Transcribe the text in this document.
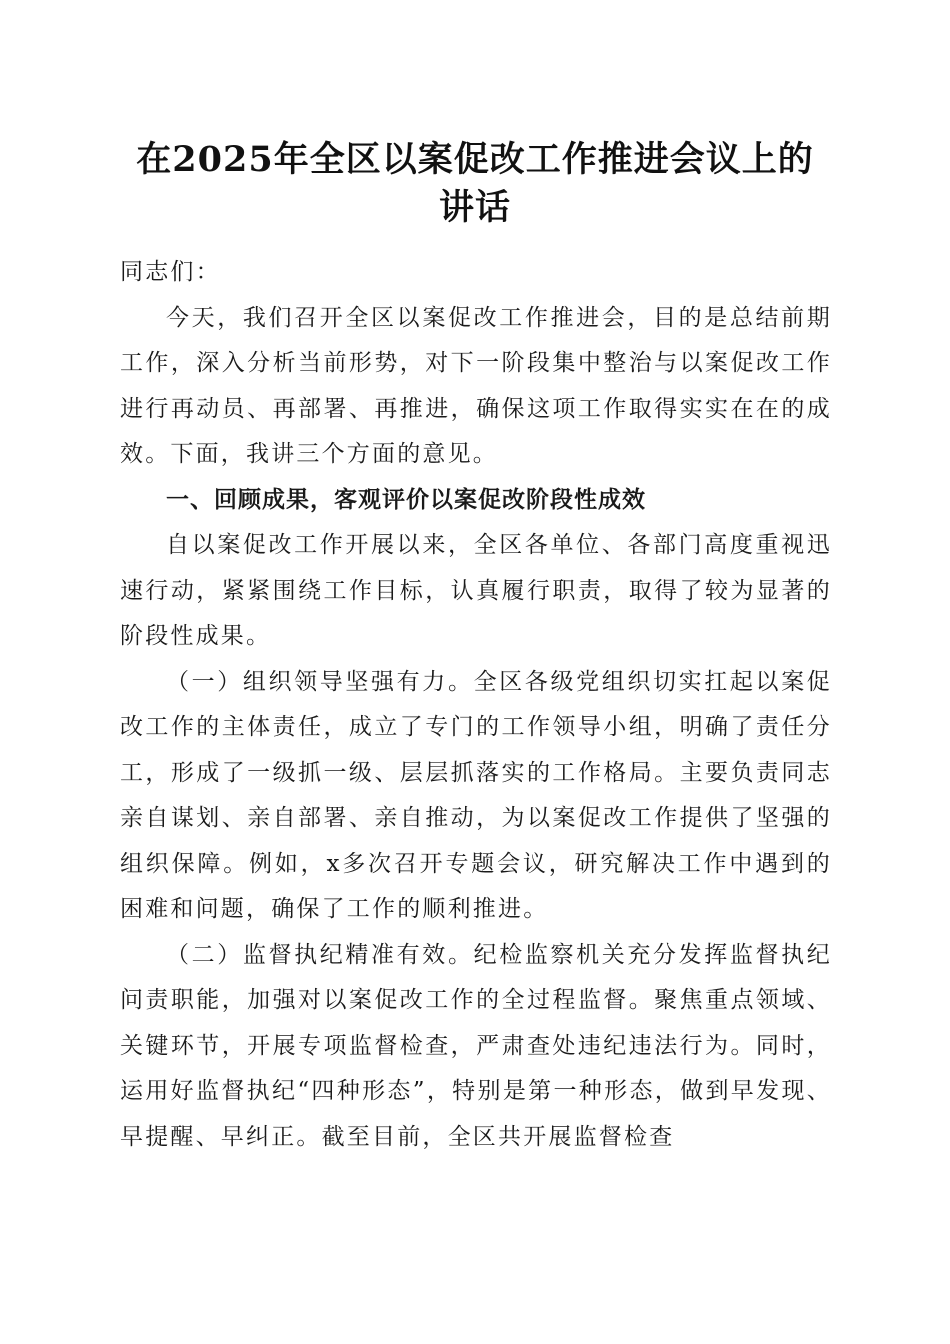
在2025年全区以案促改工作推进会议上的讲话

同志们：

今天，我们召开全区以案促改工作推进会，目的是总结前期工作，深入分析当前形势，对下一阶段集中整治与以案促改工作进行再动员、再部署、再推进，确保这项工作取得实实在在的成效。下面，我讲三个方面的意见。

一、回顾成果，客观评价以案促改阶段性成效

自以案促改工作开展以来，全区各单位、各部门高度重视迅速行动，紧紧围绕工作目标，认真履行职责，取得了较为显著的阶段性成果。

（一）组织领导坚强有力。全区各级党组织切实扛起以案促改工作的主体责任，成立了专门的工作领导小组，明确了责任分工，形成了一级抓一级、层层抓落实的工作格局。主要负责同志亲自谋划、亲自部署、亲自推动，为以案促改工作提供了坚强的组织保障。例如，x多次召开专题会议，研究解决工作中遇到的困难和问题，确保了工作的顺利推进。

（二）监督执纪精准有效。纪检监察机关充分发挥监督执纪问责职能，加强对以案促改工作的全过程监督。聚焦重点领域、关键环节，开展专项监督检查，严肃查处违纪违法行为。同时，运用好监督执纪“四种形态”，特别是第一种形态，做到早发现、早提醒、早纠正。截至目前，全区共开展监督检查
